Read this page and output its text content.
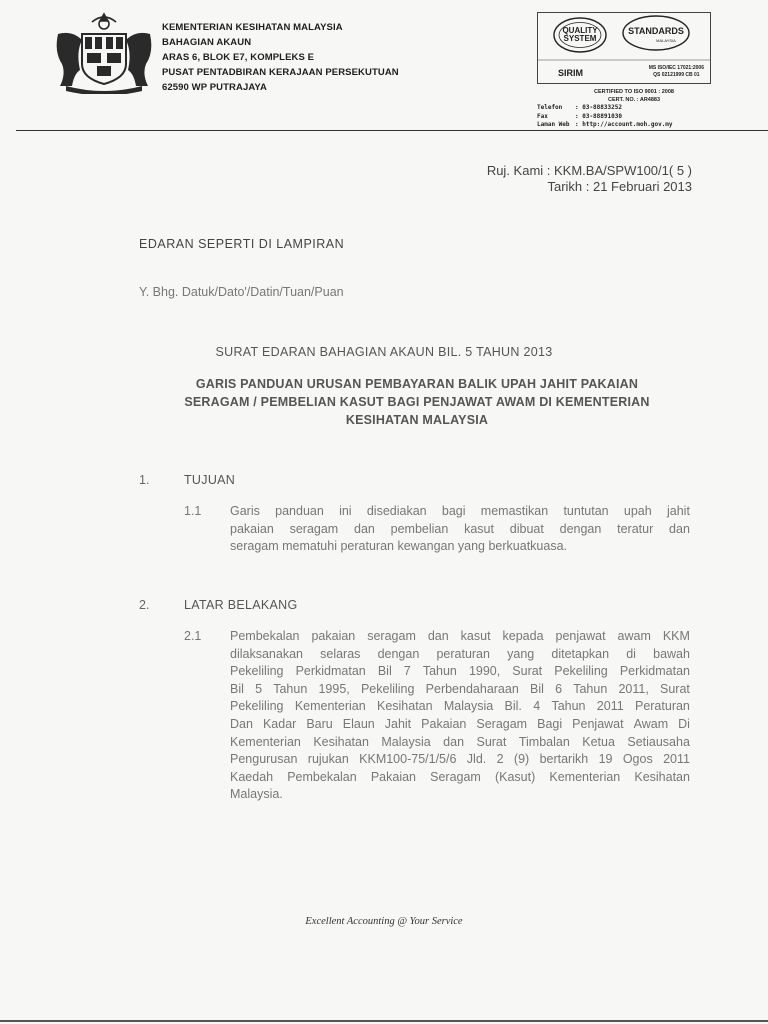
KEMENTERIAN KESIHATAN MALAYSIA
BAHAGIAN AKAUN
ARAS 6, BLOK E7, KOMPLEKS E
PUSAT PENTADBIRAN KERAJAAN PERSEKUTUAN
62590 WP PUTRAJAYA
QUALITY
SYSTEM
STANDARDS
MALAYSIA
SIRIM	MS ISO/IEC 17021:2006
QS 02121999 CB 01
CERTIFIED TO ISO 9001 : 2008
CERT. NO. : AR4883
Telefon : 03-88833252
Fax	: 03-88891030
Laman Web : http://account.moh.gov.my
Ruj. Kami : KKM.BA/SPW100/1( 5 )
Tarikh : 21 Februari 2013
EDARAN SEPERTI DI LAMPIRAN
Y. Bhg. Datuk/Dato'/Datin/Tuan/Puan
SURAT EDARAN BAHAGIAN AKAUN BIL. 5 TAHUN 2013
GARIS PANDUAN URUSAN PEMBAYARAN BALIK UPAH JAHIT PAKAIAN
SERAGAM / PEMBELIAN KASUT BAGI PENJAWAT AWAM DI KEMENTERIAN
KESIHATAN MALAYSIA
1.	TUJUAN
1.1 Garis panduan ini disediakan bagi memastikan tuntutan upah jahit
pakaian seragam dan pembelian kasut dibuat dengan teratur dan
seragam mematuhi peraturan kewangan yang berkuatkuasa.
2.	LATAR BELAKANG
2.1 Pembekalan pakaian seragam dan kasut kepada penjawat awam KKM
dilaksanakan selaras dengan peraturan yang ditetapkan di bawah
Pekeliling Perkidmatan Bil 7 Tahun 1990, Surat Pekeliling Perkidmatan
Bil 5 Tahun 1995, Pekeliling Perbendaharaan Bil 6 Tahun 2011, Surat
Pekeliling Kementerian Kesihatan Malaysia Bil. 4 Tahun 2011 Peraturan
Dan Kadar Baru Elaun Jahit Pakaian Seragam Bagi Penjawat Awam Di
Kementerian Kesihatan Malaysia dan Surat Timbalan Ketua Setiausaha
Pengurusan rujukan KKM100-75/1/5/6 Jld. 2 (9) bertarikh 19 Ogos 2011
Kaedah Pembekalan Pakaian Seragam (Kasut) Kementerian Kesihatan
Malaysia.
Excellent Accounting @ Your Service
